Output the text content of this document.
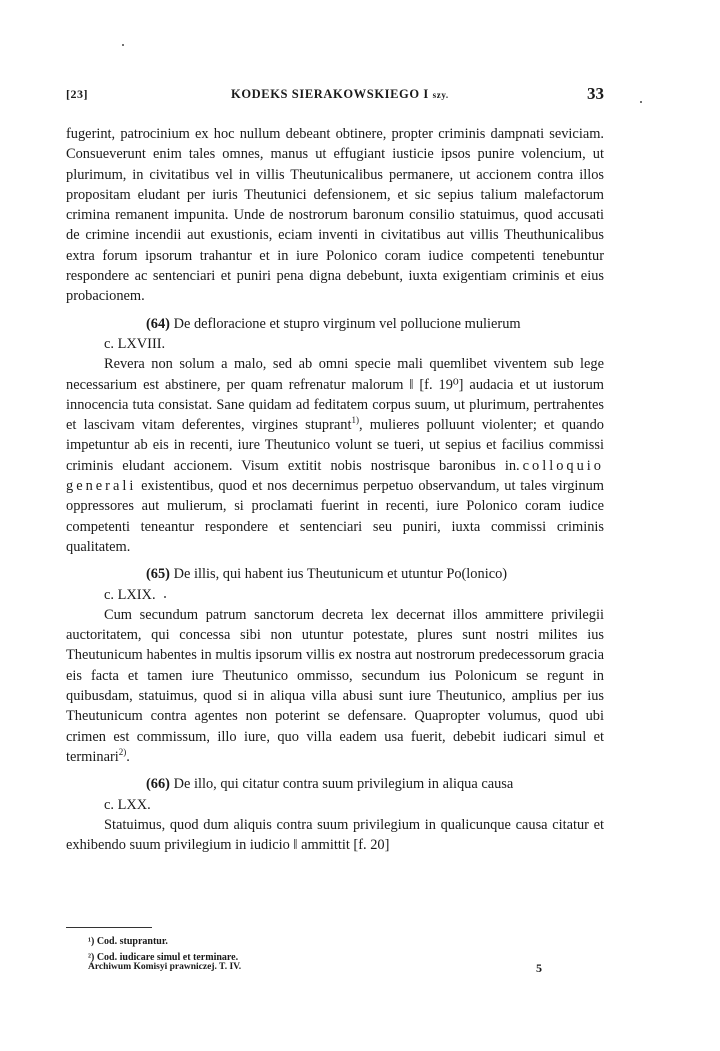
[23]	KODEKS SIERAKOWSKIEGO I szy.	33

fugerint, patrocinium ex hoc nullum debeant obtinere, propter criminis dampnati seviciam. Consueverunt enim tales omnes, manus ut effugiant iusticie ipsos punire volencium, ut plurimum, in civitatibus vel in villis Theutunicalibus permanere, ut accionem contra illos propositam eludant per iuris Theutunici defensionem, et sic sepius talium malefactorum crimina remanent impunita. Unde de nostrorum baronum consilio statuimus, quod accusati de crimine incendii aut exustionis, eciam inventi in civitatibus aut villis Theuthunicalibus extra forum ipsorum trahantur et in iure Polonico coram iudice competenti tenebuntur respondere ac sentenciari et puniri pena digna debebunt, iuxta exigentiam criminis et eius probacionem.

(64) De defloracione et stupro virginum vel pollucione mulierum

c. LXVIII.

Revera non solum a malo, sed ab omni specie mali quemlibet viventem sub lege necessarium est abstinere, per quam refrenatur malorum ǁ [f. 19⁰] audacia et ut iustorum innocencia tuta consistat. Sane quidam ad feditatem corpus suum, ut plurimum, pertrahentes et lascivam vitam deferentes, virgines stuprant$^{1)}$, mulieres polluunt violenter; et quando impetuntur ab eis in recenti, iure Theutunico volunt se tueri, ut sepius et facilius commissi criminis eludant accionem. Visum extitit nobis nostrisque baronibus in.colloquio generali existentibus, quod et nos decernimus perpetuo observandum, ut tales virginum oppressores aut mulierum, si proclamati fuerint in recenti, iure Polonico coram iudice competenti teneantur respondere et sentenciari seu puniri, iuxta commissi criminis qualitatem.

(65) De illis, qui habent ius Theutunicum et utuntur Po(lonico)

c. LXIX.

Cum secundum patrum sanctorum decreta lex decernat illos ammittere privilegii auctoritatem, qui concessa sibi non utuntur potestate, plures sunt nostri milites ius Theutunicum habentes in multis ipsorum villis ex nostra aut nostrorum predecessorum gracia eis facta et tamen iure Theutunico ommisso, secundum ius Polonicum se regunt in quibusdam, statuimus, quod si in aliqua villa abusi sunt iure Theutunico, amplius per ius Theutunicum contra agentes non poterint se defensare. Quapropter volumus, quod ubi crimen est commissum, illo iure, quo villa eadem usa fuerit, debebit iudicari simul et terminari$^{2)}$.

(66) De illo, qui citatur contra suum privilegium in aliqua causa

c. LXX.

Statuimus, quod dum aliquis contra suum privilegium in qualicunque causa citatur et exhibendo suum privilegium in iudicio ǁ ammittit [f. 20]

¹) Cod. stuprantur.

²) Cod. iudicare simul et terminare.

Archiwum Komisyi prawniczej. T. IV.	5
